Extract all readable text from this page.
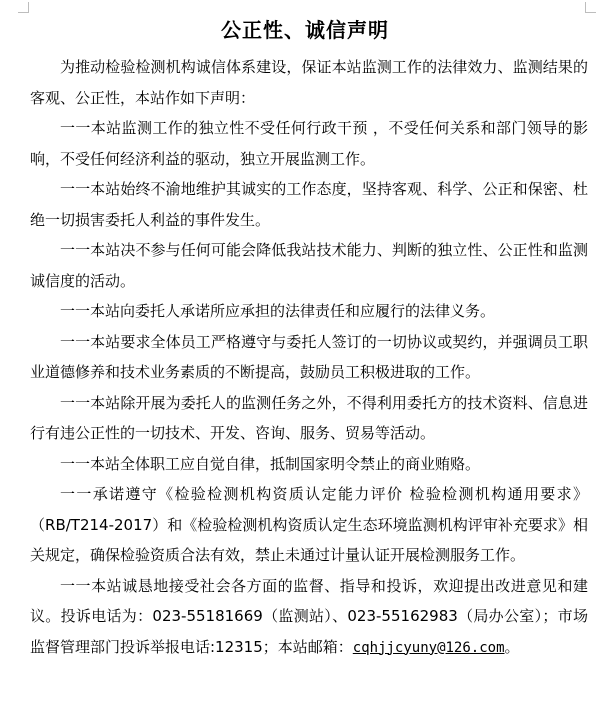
公正性、诚信声明

为推动检验检测机构诚信体系建设，保证本站监测工作的法律效力、监测结果的客观、公正性，本站作如下声明：

一一本站监测工作的独立性不受任何行政干预 ，不受任何关系和部门领导的影响，不受任何经济利益的驱动，独立开展监测工作。

一一本站始终不渝地维护其诚实的工作态度，坚持客观、科学、公正和保密、杜绝一切损害委托人利益的事件发生。

一一本站决不参与任何可能会降低我站技术能力、判断的独立性、公正性和监测诚信度的活动。

一一本站向委托人承诺所应承担的法律责任和应履行的法律义务。

一一本站要求全体员工严格遵守与委托人签订的一切协议或契约，并强调员工职业道德修养和技术业务素质的不断提高，鼓励员工积极进取的工作。

一一本站除开展为委托人的监测任务之外，不得利用委托方的技术资料、信息进行有违公正性的一切技术、开发、咨询、服务、贸易等活动。

一一本站全体职工应自觉自律，抵制国家明令禁止的商业贿赂。

一一承诺遵守《检验检测机构资质认定能力评价 检验检测机构通用要求》（RB/T214-2017）和《检验检测机构资质认定生态环境监测机构评审补充要求》相关规定，确保检验资质合法有效，禁止未通过计量认证开展检测服务工作。

一一本站诚恳地接受社会各方面的监督、指导和投诉，欢迎提出改进意见和建议。投诉电话为：023-55181669（监测站）、023-55162983（局办公室）；市场监督管理部门投诉举报电话:12315；本站邮箱：cqhjjcyuny@126.com。
